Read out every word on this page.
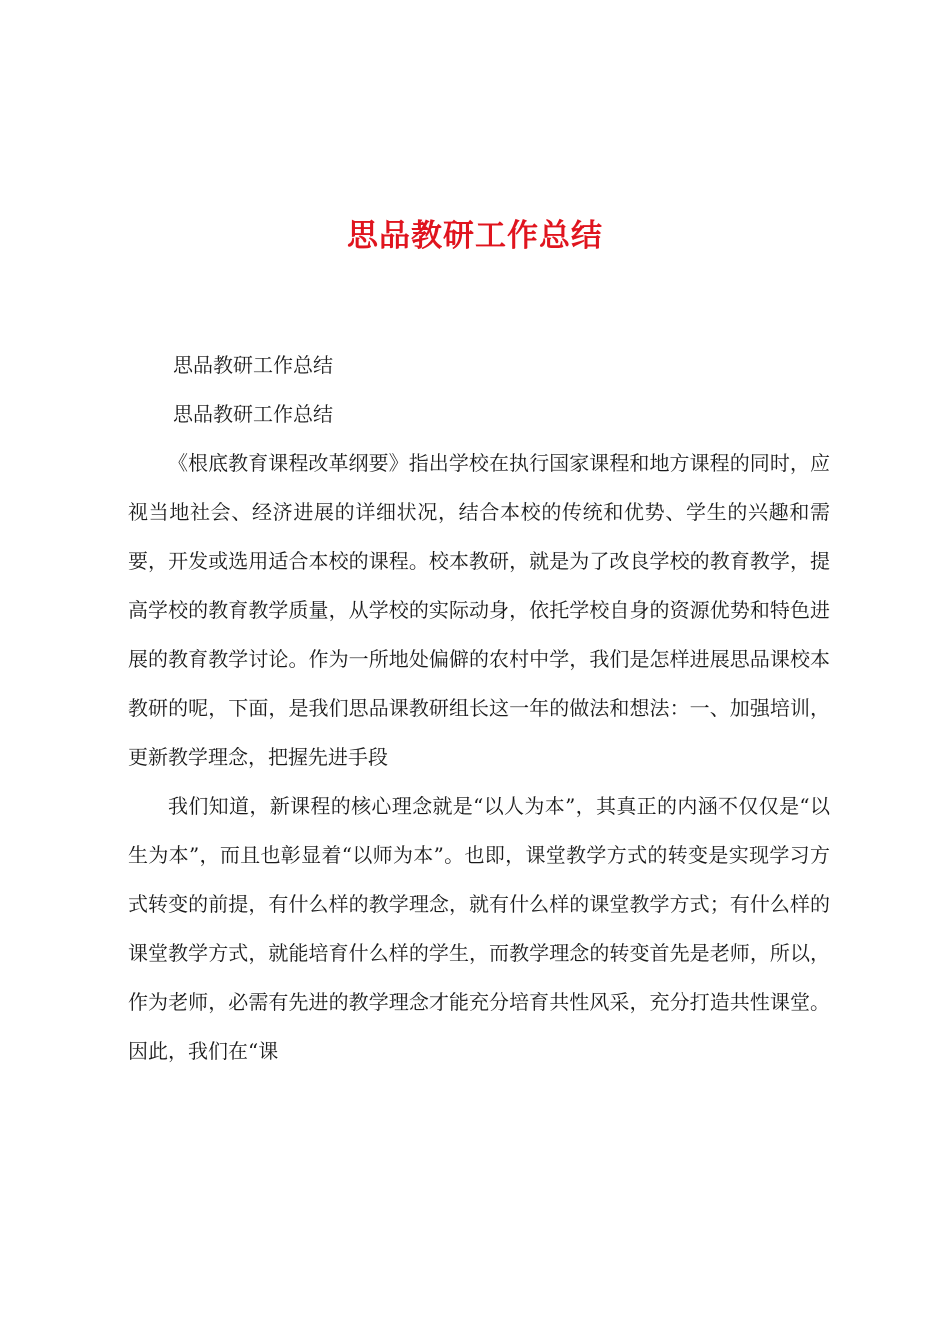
思品教研工作总结

思品教研工作总结

思品教研工作总结

《根底教育课程改革纲要》指出学校在执行国家课程和地方课程的同时，应视当地社会、经济进展的详细状况，结合本校的传统和优势、学生的兴趣和需要，开发或选用适合本校的课程。校本教研，就是为了改良学校的教育教学，提高学校的教育教学质量，从学校的实际动身，依托学校自身的资源优势和特色进展的教育教学讨论。作为一所地处偏僻的农村中学，我们是怎样进展思品课校本教研的呢，下面，是我们思品课教研组长这一年的做法和想法：一、加强培训，更新教学理念，把握先进手段

我们知道，新课程的核心理念就是“以人为本”，其真正的内涵不仅仅是“以生为本”，而且也彰显着“以师为本”。也即，课堂教学方式的转变是实现学习方式转变的前提，有什么样的教学理念，就有什么样的课堂教学方式；有什么样的课堂教学方式，就能培育什么样的学生，而教学理念的转变首先是老师，所以，作为老师，必需有先进的教学理念才能充分培育共性风采，充分打造共性课堂。因此，我们在“课
